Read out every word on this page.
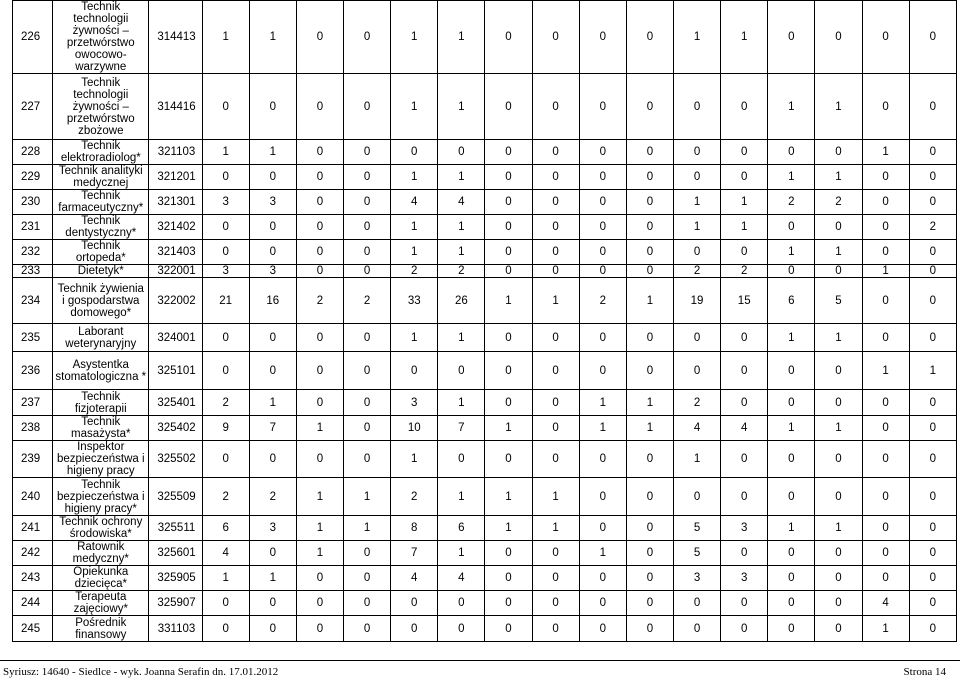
226	Technik technologii żywności – przetwórstwo owocowo-warzywne	314413	1	1	0	0	1	1	0	0	0	0	1	1	0	0	0	0
227	Technik technologii żywności – przetwórstwo zbożowe	314416	0	0	0	0	1	1	0	0	0	0	0	0	1	1	0	0
228	Technik elektroradiolog*	321103	1	1	0	0	0	0	0	0	0	0	0	0	0	0	1	0
229	Technik analityki medycznej	321201	0	0	0	0	1	1	0	0	0	0	0	0	1	1	0	0
230	Technik farmaceutyczny*	321301	3	3	0	0	4	4	0	0	0	0	1	1	2	2	0	0
231	Technik dentystyczny*	321402	0	0	0	0	1	1	0	0	0	0	1	1	0	0	0	2
232	Technik ortopeda*	321403	0	0	0	0	1	1	0	0	0	0	0	0	1	1	0	0
233	Dietetyk*	322001	3	3	0	0	2	2	0	0	0	0	2	2	0	0	1	0
234	Technik żywienia i gospodarstwa domowego*	322002	21	16	2	2	33	26	1	1	2	1	19	15	6	5	0	0
235	Laborant weterynaryjny	324001	0	0	0	0	1	1	0	0	0	0	0	0	1	1	0	0
236	Asystentka stomatologiczna *	325101	0	0	0	0	0	0	0	0	0	0	0	0	0	0	1	1
237	Technik fizjoterapii	325401	2	1	0	0	3	1	0	0	1	1	2	0	0	0	0	0
238	Technik masażysta*	325402	9	7	1	0	10	7	1	0	1	1	4	4	1	1	0	0
239	Inspektor bezpieczeństwa i higieny pracy	325502	0	0	0	0	1	0	0	0	0	0	1	0	0	0	0	0
240	Technik bezpieczeństwa i higieny pracy*	325509	2	2	1	1	2	1	1	1	0	0	0	0	0	0	0	0
241	Technik ochrony środowiska*	325511	6	3	1	1	8	6	1	1	0	0	5	3	1	1	0	0
242	Ratownik medyczny*	325601	4	0	1	0	7	1	0	0	1	0	5	0	0	0	0	0
243	Opiekunka dziecięca*	325905	1	1	0	0	4	4	0	0	0	0	3	3	0	0	0	0
244	Terapeuta zajęciowy*	325907	0	0	0	0	0	0	0	0	0	0	0	0	0	0	4	0
245	Pośrednik finansowy	331103	0	0	0	0	0	0	0	0	0	0	0	0	0	0	1	0
Syriusz: 14640 - Siedlce - wyk. Joanna Serafin dn. 17.01.2012	Strona 14
